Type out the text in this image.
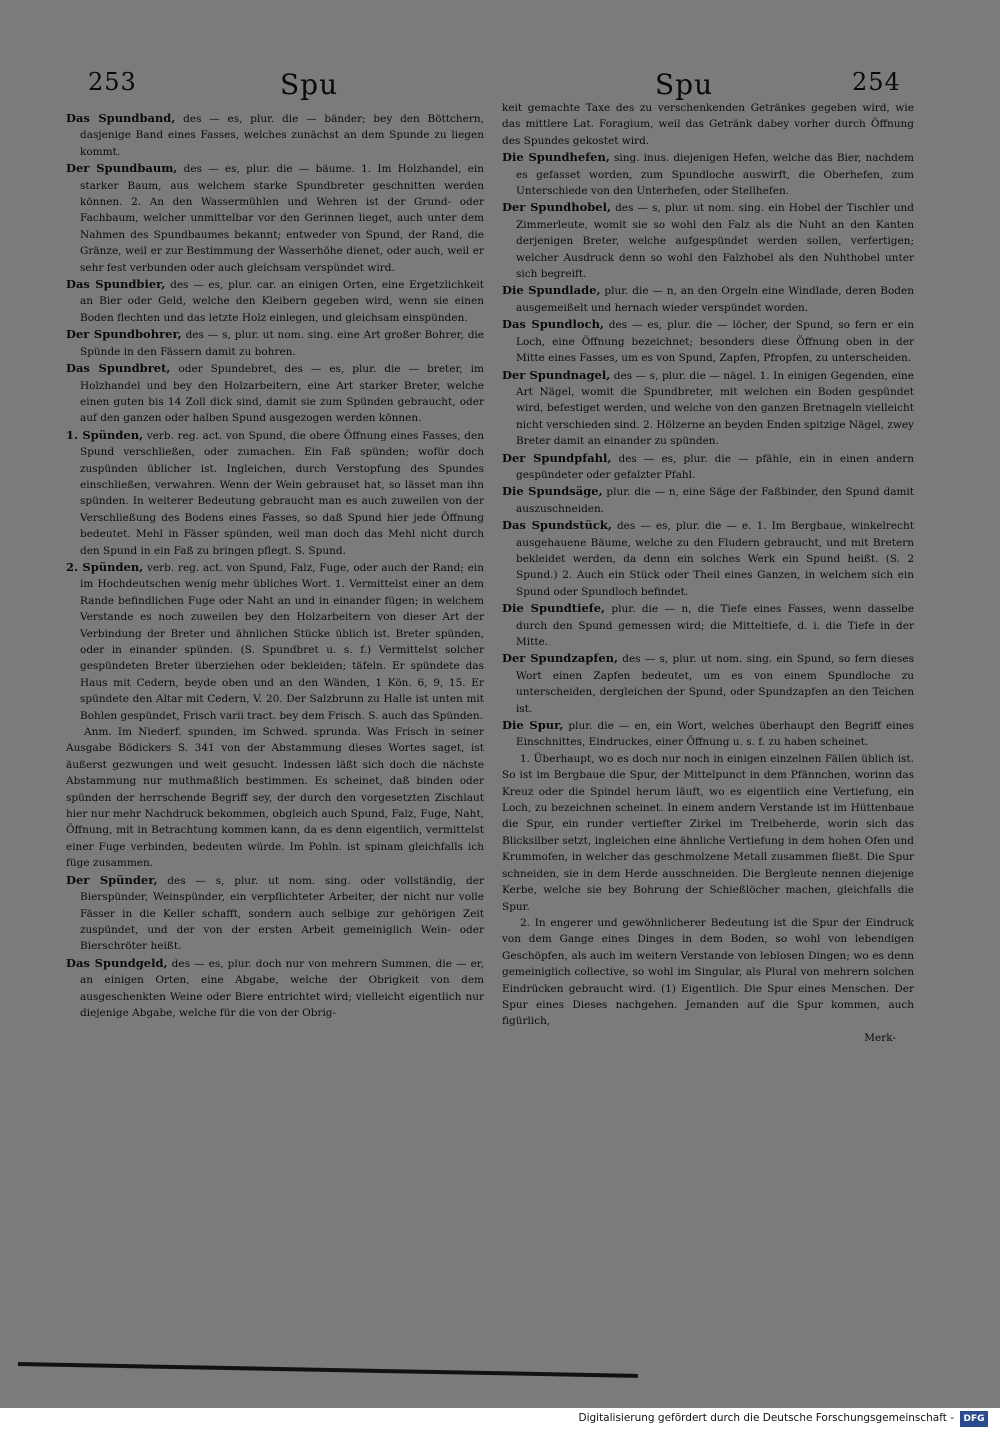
253	Spu	Spu	254

Das Spundband, des — es, plur. die — bänder; bey den Böttchern, dasjenige Band eines Fasses, welches zunächst an dem Spunde zu liegen kommt.

Der Spundbaum, des — es, plur. die — bäume. 1. Im Holzhandel, ein starker Baum, aus welchem starke Spundbreter geschnitten werden können. 2. An den Wassermühlen und Wehren ist der Grund- oder Fachbaum, welcher unmittelbar vor den Gerinnen lieget, auch unter dem Nahmen des Spundbaumes bekannt; entweder von Spund, der Rand, die Gränze, weil er zur Bestimmung der Wasserhöhe dienet, oder auch, weil er sehr fest verbunden oder auch gleichsam verspündet wird.

Das Spundbier, des — es, plur. car. an einigen Orten, eine Ergetzlichkeit an Bier oder Geld, welche den Kleibern gegeben wird, wenn sie einen Boden flechten und das letzte Holz einlegen, und gleichsam einspünden.

Der Spundbohrer, des — s, plur. ut nom. sing. eine Art großer Bohrer, die Spünde in den Fässern damit zu bohren.

Das Spundbret, oder Spundebret, des — es, plur. die — breter, im Holzhandel und bey den Holzarbeitern, eine Art starker Breter, welche einen guten bis 14 Zoll dick sind, damit sie zum Spünden gebraucht, oder auf den ganzen oder halben Spund ausgezogen werden können.

1. Spünden, verb. reg. act. von Spund, die obere Öffnung eines Fasses, den Spund verschließen, oder zumachen. Ein Faß spünden; wofür doch zuspünden üblicher ist. Ingleichen, durch Verstopfung des Spundes einschließen, verwahren. Wenn der Wein gebrauset hat, so lässet man ihn spünden. In weiterer Bedeutung gebraucht man es auch zuweilen von der Verschließung des Bodens eines Fasses, so daß Spund hier jede Öffnung bedeutet. Mehl in Fässer spünden, weil man doch das Mehl nicht durch den Spund in ein Faß zu bringen pflegt. S. Spund.

2. Spünden, verb. reg. act. von Spund, Falz, Fuge, oder auch der Rand; ein im Hochdeutschen wenig mehr übliches Wort. 1. Vermittelst einer an dem Rande befindlichen Fuge oder Naht an und in einander fügen; in welchem Verstande es noch zuweilen bey den Holzarbeitern von dieser Art der Verbindung der Breter und ähnlichen Stücke üblich ist. Breter spünden, oder in einander spünden. (S. Spundbret u. s. f.) Vermittelst solcher gespündeten Breter überziehen oder bekleiden; täfeln. Er spündete das Haus mit Cedern, beyde oben und an den Wänden, 1 Kön. 6, 9, 15. Er spündete den Altar mit Cedern, V. 20. Der Salzbrunn zu Halle ist unten mit Bohlen gespündet, Frisch varii tract. bey dem Frisch. S. auch das Spünden.

Anm. Im Niederf. spunden, im Schwed. sprunda. Was Frisch in seiner Ausgabe Bödickers S. 341 von der Abstammung dieses Wortes saget, ist äußerst gezwungen und weit gesucht. Indessen läßt sich doch die nächste Abstammung nur muthmaßlich bestimmen. Es scheinet, daß binden oder spünden der herrschende Begriff sey, der durch den vorgesetzten Zischlaut hier nur mehr Nachdruck bekommen, obgleich auch Spund, Falz, Fuge, Naht, Öffnung, mit in Betrachtung kommen kann, da es denn eigentlich, vermittelst einer Fuge verbinden, bedeuten würde. Im Pohln. ist spinam gleichfalls ich füge zusammen.

Der Spünder, des — s, plur. ut nom. sing. oder vollständig, der Bierspünder, Weinspünder, ein verpflichteter Arbeiter, der nicht nur volle Fässer in die Keller schafft, sondern auch selbige zur gehörigen Zeit zuspündet, und der von der ersten Arbeit gemeiniglich Wein- oder Bierschröter heißt.

Das Spundgeld, des — es, plur. doch nur von mehrern Summen, die — er, an einigen Orten, eine Abgabe, welche der Obrigkeit von dem ausgeschenkten Weine oder Biere entrichtet wird; vielleicht eigentlich nur diejenige Abgabe, welche für die von der Obrig-

keit gemachte Taxe des zu verschenkenden Getränkes gegeben wird, wie das mittlere Lat. Foragium, weil das Getränk dabey vorher durch Öffnung des Spundes gekostet wird.

Die Spundhefen, sing. inus. diejenigen Hefen, welche das Bier, nachdem es gefasset worden, zum Spundloche auswirft, die Oberhefen, zum Unterschiede von den Unterhefen, oder Stellhefen.

Der Spundhobel, des — s, plur. ut nom. sing. ein Hobel der Tischler und Zimmerleute, womit sie so wohl den Falz als die Nuht an den Kanten derjenigen Breter, welche aufgespündet werden sollen, verfertigen; welcher Ausdruck denn so wohl den Falzhobel als den Nuhthobel unter sich begreift.

Die Spundlade, plur. die — n, an den Orgeln eine Windlade, deren Boden ausgemeißelt und hernach wieder verspündet worden.

Das Spundloch, des — es, plur. die — löcher, der Spund, so fern er ein Loch, eine Öffnung bezeichnet; besonders diese Öffnung oben in der Mitte eines Fasses, um es von Spund, Zapfen, Pfropfen, zu unterscheiden.

Der Spundnagel, des — s, plur. die — nägel. 1. In einigen Gegenden, eine Art Nägel, womit die Spundbreter, mit welchen ein Boden gespündet wird, befestiget werden, und welche von den ganzen Bretnageln vielleicht nicht verschieden sind. 2. Hölzerne an beyden Enden spitzige Nägel, zwey Breter damit an einander zu spünden.

Der Spundpfahl, des — es, plur. die — pfähle, ein in einen andern gespündeter oder gefalzter Pfahl.

Die Spundsäge, plur. die — n, eine Säge der Faßbinder, den Spund damit auszuschneiden.

Das Spundstück, des — es, plur. die — e. 1. Im Bergbaue, winkelrecht ausgehauene Bäume, welche zu den Fludern gebraucht, und mit Bretern bekleidet werden, da denn ein solches Werk ein Spund heißt. (S. 2 Spund.) 2. Auch ein Stück oder Theil eines Ganzen, in welchem sich ein Spund oder Spundloch befindet.

Die Spundtiefe, plur. die — n, die Tiefe eines Fasses, wenn dasselbe durch den Spund gemessen wird; die Mitteltiefe, d. i. die Tiefe in der Mitte.

Der Spundzapfen, des — s, plur. ut nom. sing. ein Spund, so fern dieses Wort einen Zapfen bedeutet, um es von einem Spundloche zu unterscheiden, dergleichen der Spund, oder Spundzapfen an den Teichen ist.

Die Spur, plur. die — en, ein Wort, welches überhaupt den Begriff eines Einschnittes, Eindruckes, einer Öffnung u. s. f. zu haben scheinet.

1. Überhaupt, wo es doch nur noch in einigen einzelnen Fällen üblich ist. So ist im Bergbaue die Spur, der Mittelpunct in dem Pfännchen, worinn das Kreuz oder die Spindel herum läuft, wo es eigentlich eine Vertiefung, ein Loch, zu bezeichnen scheinet. In einem andern Verstande ist im Hüttenbaue die Spur, ein runder vertiefter Zirkel im Treibeherde, worin sich das Blicksilber setzt, ingleichen eine ähnliche Vertiefung in dem hohen Ofen und Krummofen, in welcher das geschmolzene Metall zusammen fließt. Die Spur schneiden, sie in dem Herde ausschneiden. Die Bergleute nennen diejenige Kerbe, welche sie bey Bohrung der Schießlöcher machen, gleichfalls die Spur.

2. In engerer und gewöhnlicherer Bedeutung ist die Spur der Eindruck von dem Gange eines Dinges in dem Boden, so wohl von lebendigen Geschöpfen, als auch im weitern Verstande von leblosen Dingen; wo es denn gemeiniglich collective, so wohl im Singular, als Plural von mehrern solchen Eindrücken gebraucht wird. (1) Eigentlich. Die Spur eines Menschen. Der Spur eines Dieses nachgehen. Jemanden auf die Spur kommen, auch figürlich,

Merk-

Digitalisierung gefördert durch die Deutsche Forschungsgemeinschaft -	DFG
